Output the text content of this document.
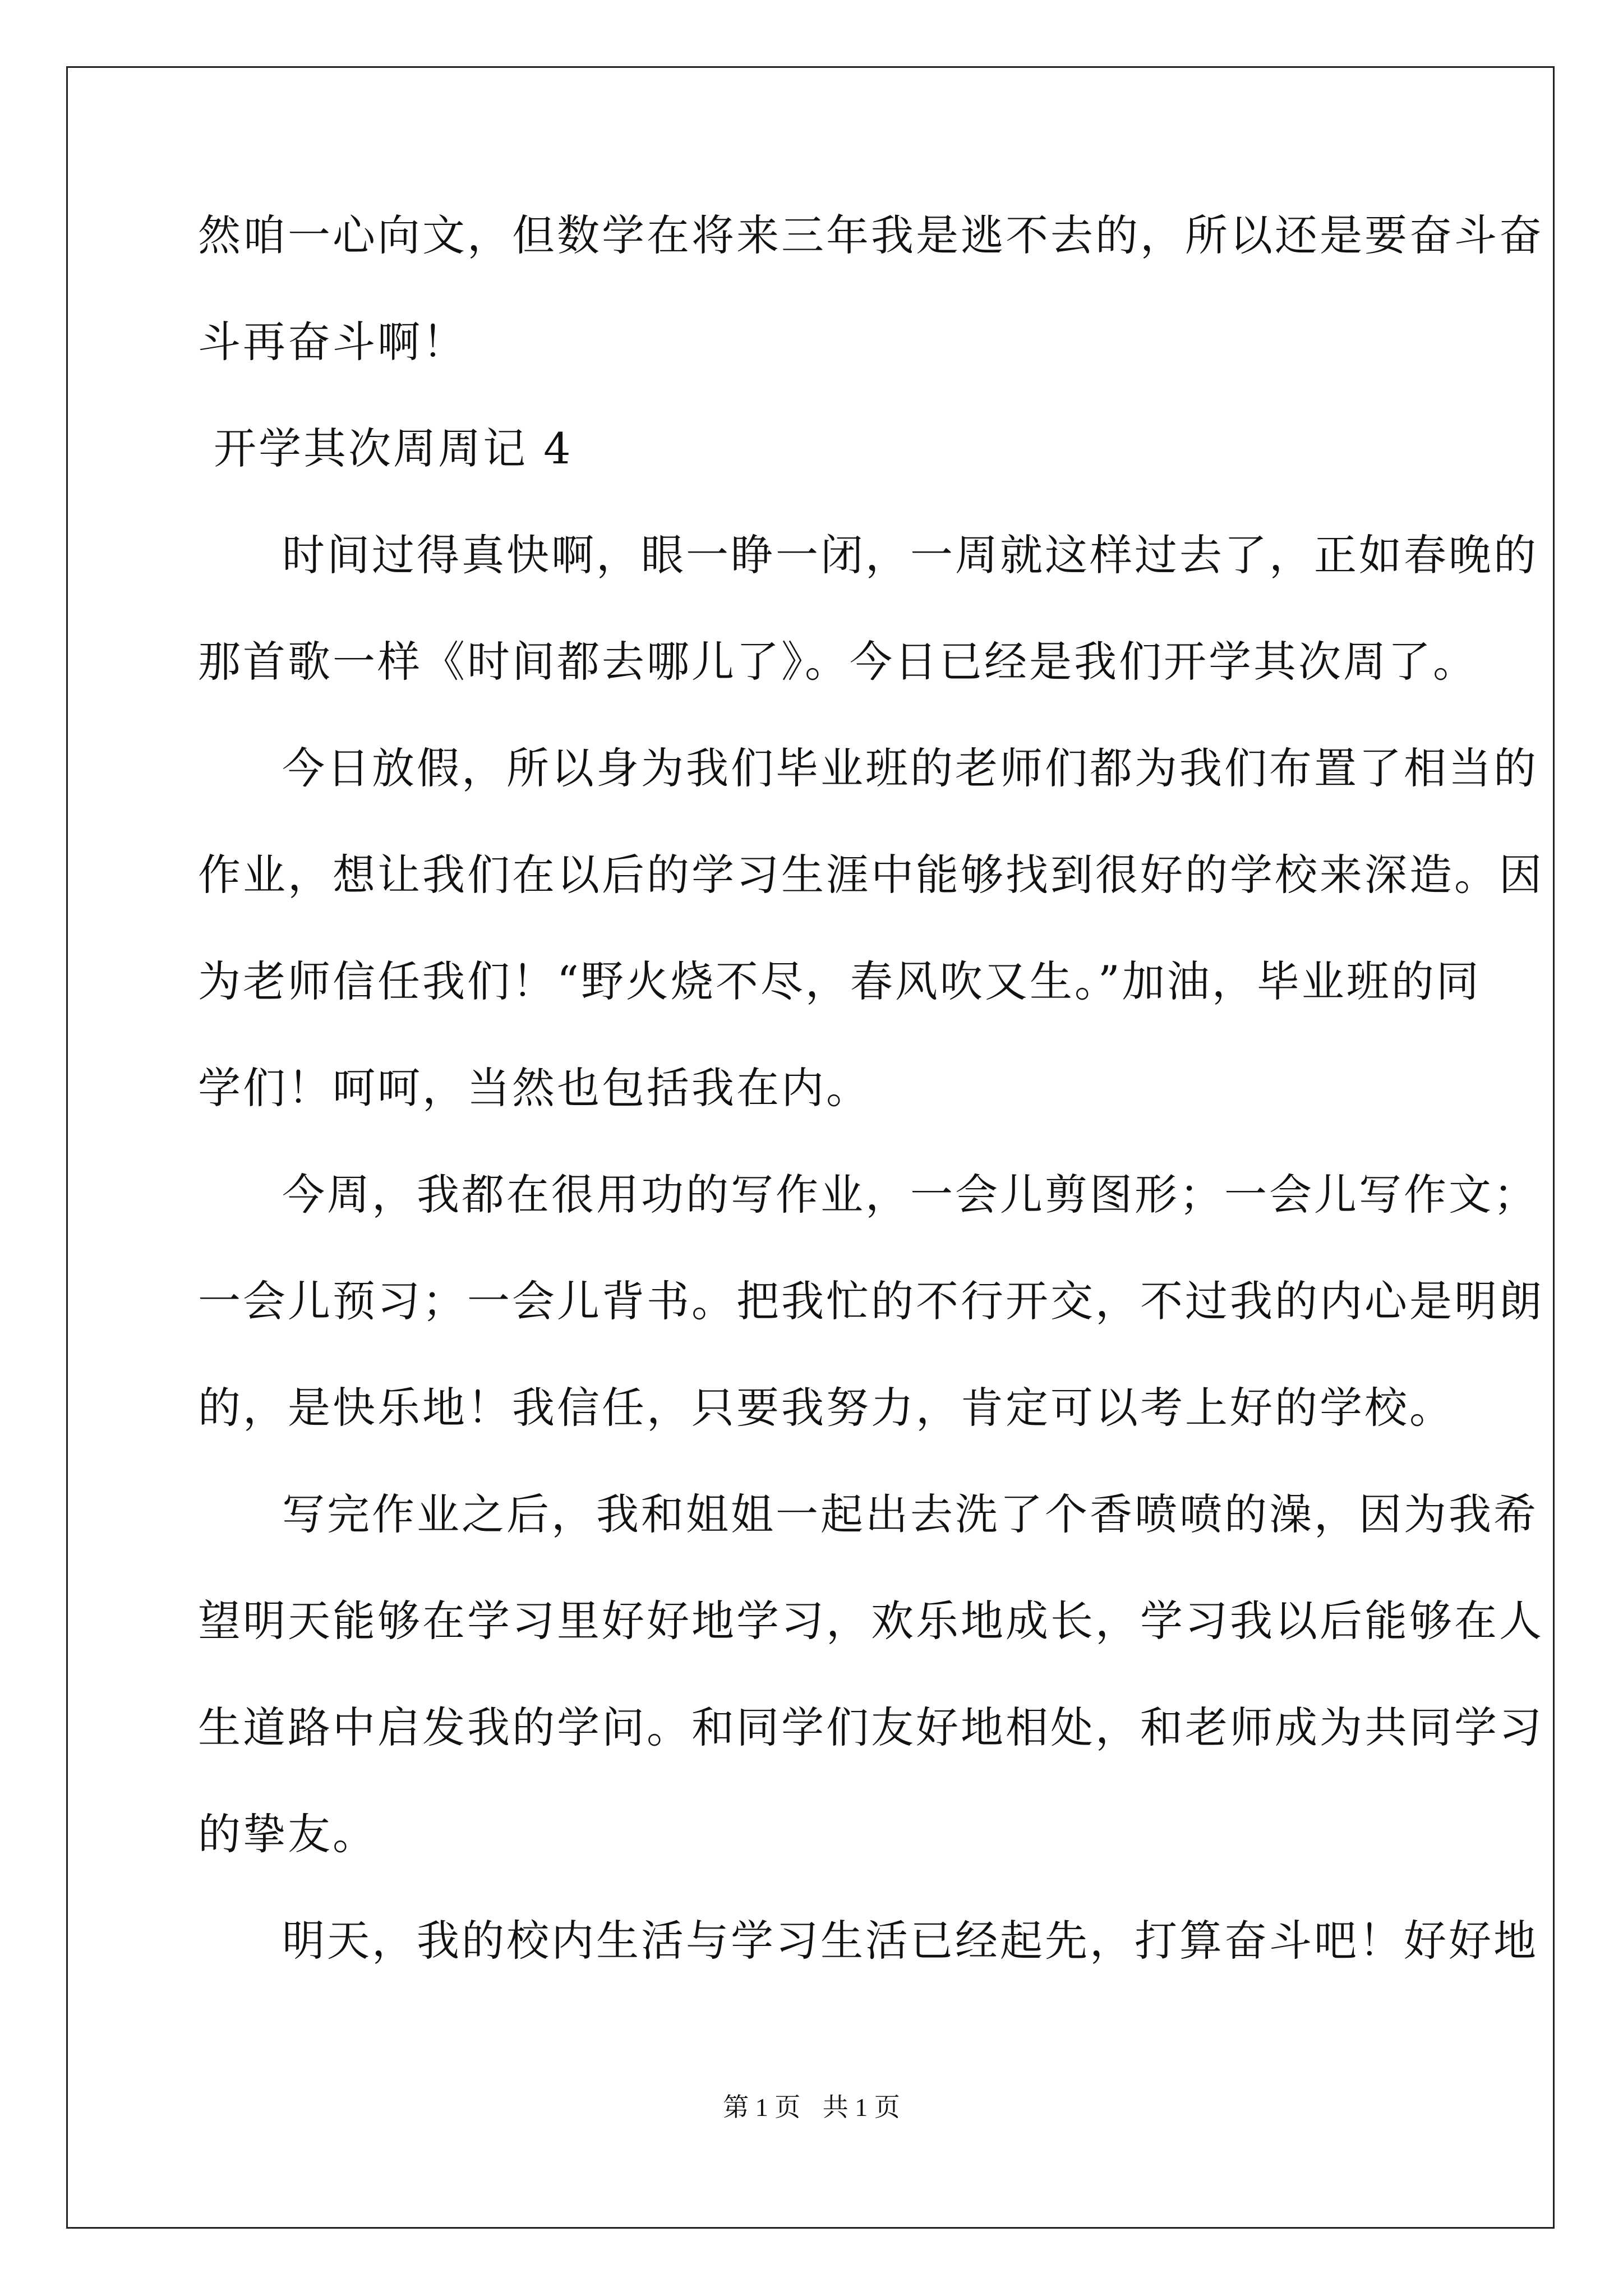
然咱一心向文，但数学在将来三年我是逃不去的，所以还是要奋斗奋
斗再奋斗啊！
开学其次周周记 4
时间过得真快啊，眼一睁一闭，一周就这样过去了，正如春晚的
那首歌一样《时间都去哪儿了》。今日已经是我们开学其次周了。
今日放假，所以身为我们毕业班的老师们都为我们布置了相当的
作业，想让我们在以后的学习生涯中能够找到很好的学校来深造。因
为老师信任我们！“野火烧不尽，春风吹又生。”加油，毕业班的同
学们！呵呵，当然也包括我在内。
今周，我都在很用功的写作业，一会儿剪图形；一会儿写作文；
一会儿预习；一会儿背书。把我忙的不行开交，不过我的内心是明朗
的，是快乐地！我信任，只要我努力，肯定可以考上好的学校。
写完作业之后，我和姐姐一起出去洗了个香喷喷的澡，因为我希
望明天能够在学习里好好地学习，欢乐地成长，学习我以后能够在人
生道路中启发我的学问。和同学们友好地相处，和老师成为共同学习
的挚友。
明天，我的校内生活与学习生活已经起先，打算奋斗吧！好好地
第 1 页 共 1 页
